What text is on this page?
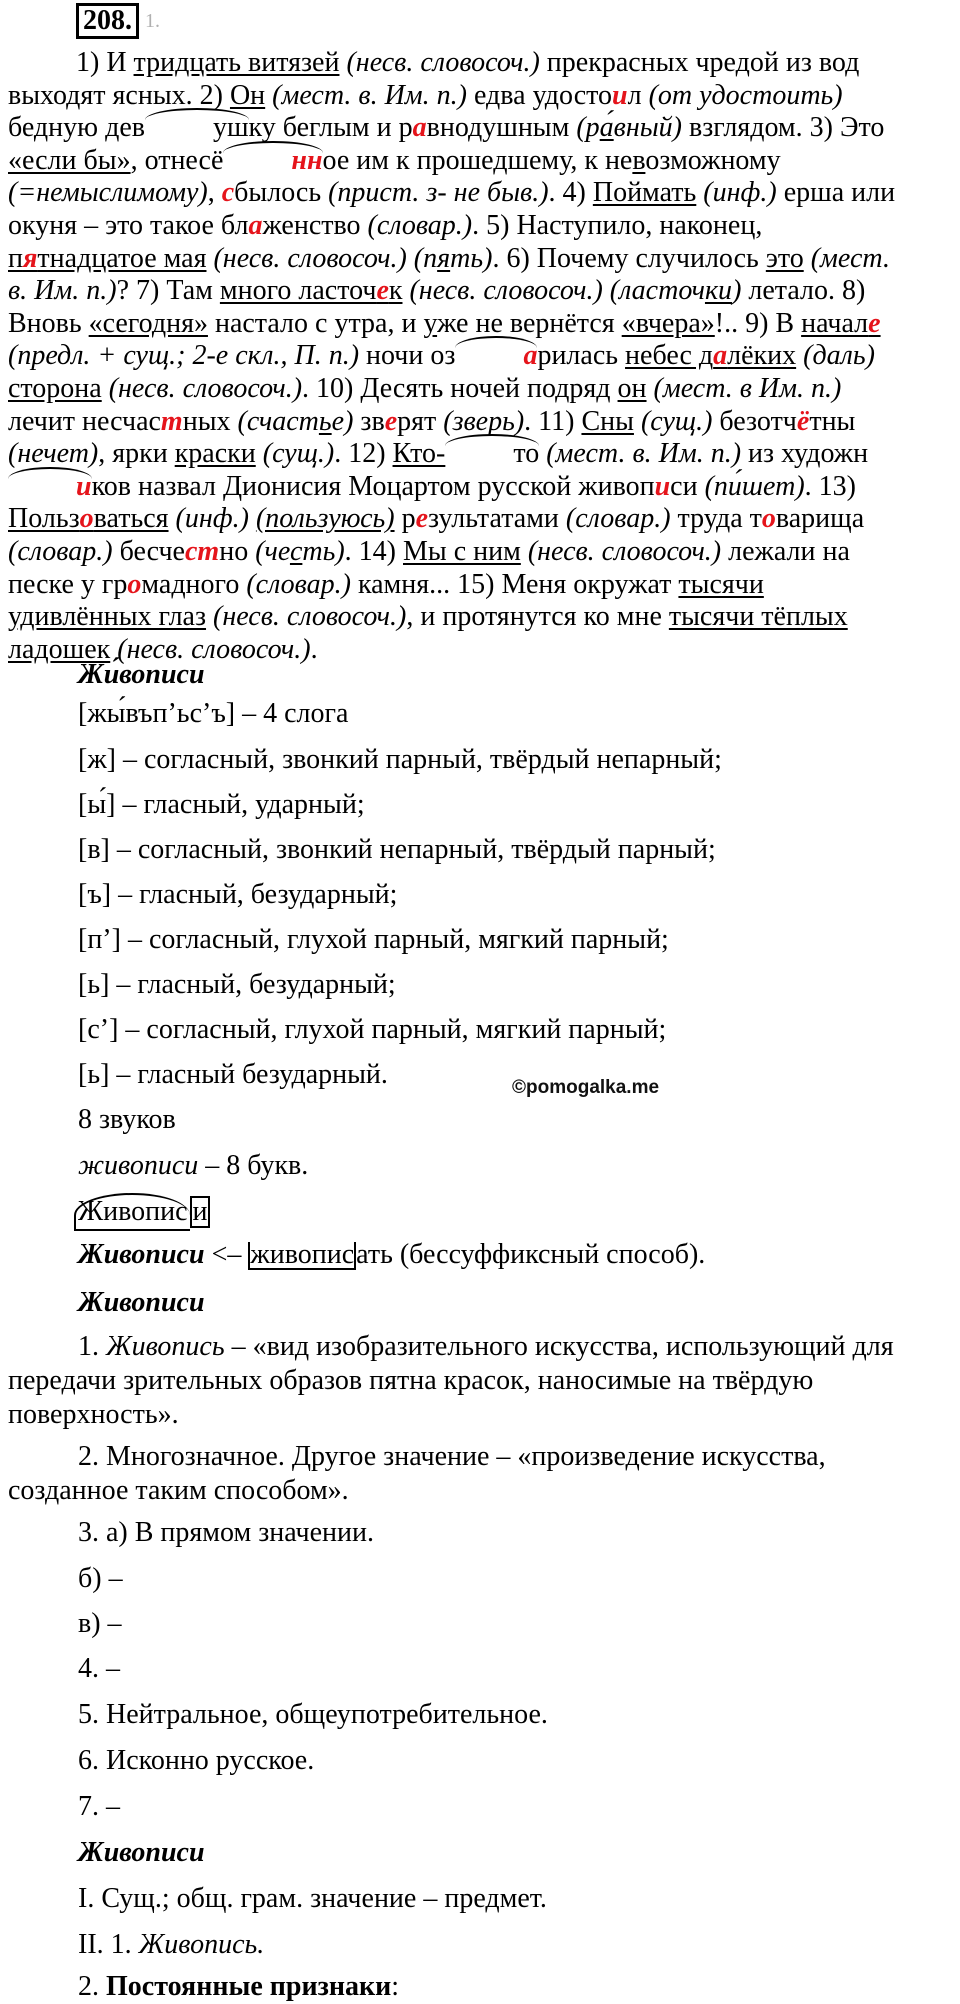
208. 1.

1) И тридцать витязей (несв. словосоч.) прекрасных чредой из вод выходят ясных. 2) Он (мест. в. Им. п.) едва удостоил (от удостоить) бедную дев ушку беглым и равнодушным (ра́вный) взглядом. 3) Это «если бы», отнесё нное им к прошедшему, к невозможному (=немыслимому), сбылось (прист. з- не быв.). 4) Поймать (инф.) ерша или окуня – это такое блаженство (словар.). 5) Наступило, наконец, пятнадцатое мая (несв. словосоч.) (пять). 6) Почему случилось это (мест. в. Им. п.)? 7) Там много ласточек (несв. словосоч.) (ласточки) летало. 8) Вновь «сегодня» настало с утра, и уже не вернётся «вчера»!.. 9) В начале (предл. + сущ.; 2-е скл., П. п.) ночи оз арилась небес далёких (даль) сторона (несв. словосоч.). 10) Десять ночей подряд он (мест. в Им. п.) лечит несчастных (счастье) зверят (зверь). 11) Сны (сущ.) безотчётны (нечет), ярки краски (сущ.). 12) Кто- то (мест. в. Им. п.) из художников назвал Дионисия Моцартом русской живописи (пи́шет). 13) Пользоваться (инф.) (пользуюсь) результатами (словар.) труда товарища (словар.) бесчестно (честь). 14) Мы с ним (несв. словосоч.) лежали на песке у громадного (словар.) камня... 15) Меня окружат тысячи удивлённых глаз (несв. словосоч.), и протянутся ко мне тысячи тёплых ладошек (несв. словосоч.).

Жи́вописи

[жы́въп’ьс’ъ] – 4 слога

[ж] – согласный, звонкий парный, твёрдый непарный;

[ы́] – гласный, ударный;

[в] – согласный, звонкий непарный, твёрдый парный;

[ъ] – гласный, безударный;

[п’] – согласный, глухой парный, мягкий парный;

[ь] – гласный, безударный;

[с’] – согласный, глухой парный, мягкий парный;

[ь] – гласный безударный.

8 звуков

живописи – 8 букв.

©pomogalka.me
Живопис и

Живописи <– живописать (бессуффиксный способ).

Живописи

1. Живопись – «вид изобразительного искусства, использующий для передачи зрительных образов пятна красок, наносимые на твёрдую поверхность».

2. Многозначное. Другое значение – «произведение искусства, созданное таким способом».

3. а) В прямом значении.

б) –

в) –

4. –

5. Нейтральное, общеупотребительное.

6. Исконно русское.

7. –

Живописи

I. Сущ.; общ. грам. значение – предмет.

II. 1. Живопись.

2. Постоянные признаки:
